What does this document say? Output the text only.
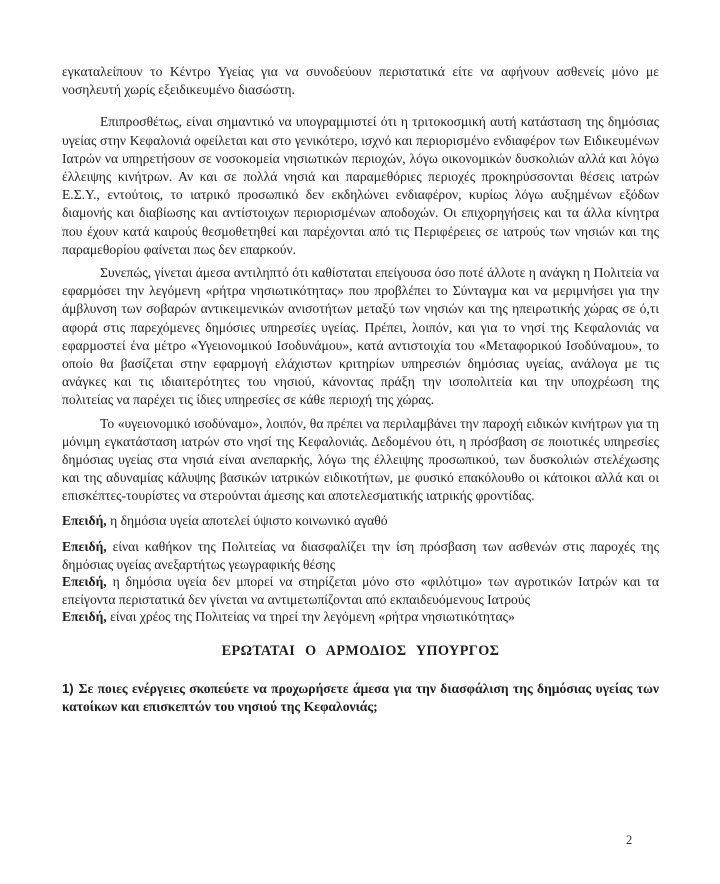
εγκαταλείπουν το Κέντρο Υγείας για να συνοδεύουν περιστατικά είτε να αφήνουν ασθενείς μόνο με νοσηλευτή χωρίς εξειδικευμένο διασώστη.

Επιπροσθέτως, είναι σημαντικό να υπογραμμιστεί ότι η τριτοκοσμική αυτή κατάσταση της δημόσιας υγείας στην Κεφαλονιά οφείλεται και στο γενικότερο, ισχνό και περιορισμένο ενδιαφέρον των Ειδικευμένων Ιατρών να υπηρετήσουν σε νοσοκομεία νησιωτικών περιοχών, λόγω οικονομικών δυσκολιών αλλά και λόγω έλλειψης κινήτρων. Αν και σε πολλά νησιά και παραμεθόριες περιοχές προκηρύσσονται θέσεις ιατρών Ε.Σ.Υ., εντούτοις, το ιατρικό προσωπικό δεν εκδηλώνει ενδιαφέρον, κυρίως λόγω αυξημένων εξόδων διαμονής και διαβίωσης και αντίστοιχων περιορισμένων αποδοχών. Οι επιχορηγήσεις και τα άλλα κίνητρα που έχουν κατά καιρούς θεσμοθετηθεί και παρέχονται από τις Περιφέρειες σε ιατρούς των νησιών και της παραμεθορίου φαίνεται πως δεν επαρκούν.

Συνεπώς, γίνεται άμεσα αντιληπτό ότι καθίσταται επείγουσα όσο ποτέ άλλοτε η ανάγκη η Πολιτεία να εφαρμόσει την λεγόμενη «ρήτρα νησιωτικότητας» που προβλέπει το Σύνταγμα και να μεριμνήσει για την άμβλυνση των σοβαρών αντικειμενικών ανισοτήτων μεταξύ των νησιών και της ηπειρωτικής χώρας σε ό,τι αφορά στις παρεχόμενες δημόσιες υπηρεσίες υγείας. Πρέπει, λοιπόν, και για το νησί της Κεφαλονιάς να εφαρμοστεί ένα μέτρο «Υγειονομικού Ισοδυνάμου», κατά αντιστοιχία του «Μεταφορικού Ισοδύναμου», το οποίο θα βασίζεται στην εφαρμογή ελάχιστων κριτηρίων υπηρεσιών δημόσιας υγείας, ανάλογα με τις ανάγκες και τις ιδιαιτερότητες του νησιού, κάνοντας πράξη την ισοπολιτεία και την υποχρέωση της πολιτείας να παρέχει τις ίδιες υπηρεσίες σε κάθε περιοχή της χώρας.

Το «υγειονομικό ισοδύναμο», λοιπόν, θα πρέπει να περιλαμβάνει την παροχή ειδικών κινήτρων για τη μόνιμη εγκατάσταση ιατρών στο νησί της Κεφαλονιάς. Δεδομένου ότι, η πρόσβαση σε ποιοτικές υπηρεσίες δημόσιας υγείας στα νησιά είναι ανεπαρκής, λόγω της έλλειψης προσωπικού, των δυσκολιών στελέχωσης και της αδυναμίας κάλυψης βασικών ιατρικών ειδικοτήτων, με φυσικό επακόλουθο οι κάτοικοι αλλά και οι επισκέπτες-τουρίστες να στερούνται άμεσης και αποτελεσματικής ιατρικής φροντίδας.

Επειδή, η δημόσια υγεία αποτελεί ύψιστο κοινωνικό αγαθό

Επειδή, είναι καθήκον της Πολιτείας να διασφαλίζει την ίση πρόσβαση των ασθενών στις παροχές της δημόσιας υγείας ανεξαρτήτως γεωγραφικής θέσης

Επειδή, η δημόσια υγεία δεν μπορεί να στηρίζεται μόνο στο «φιλότιμο» των αγροτικών Ιατρών και τα επείγοντα περιστατικά δεν γίνεται να αντιμετωπίζονται από εκπαιδευόμενους Ιατρούς

Επειδή, είναι χρέος της Πολιτείας να τηρεί την λεγόμενη «ρήτρα νησιωτικότητας»

ΕΡΩΤΑΤΑΙ Ο ΑΡΜΟΔΙΟΣ ΥΠΟΥΡΓΟΣ

1) Σε ποιες ενέργειες σκοπεύετε να προχωρήσετε άμεσα για την διασφάλιση της δημόσιας υγείας των κατοίκων και επισκεπτών του νησιού της Κεφαλονιάς;

2
